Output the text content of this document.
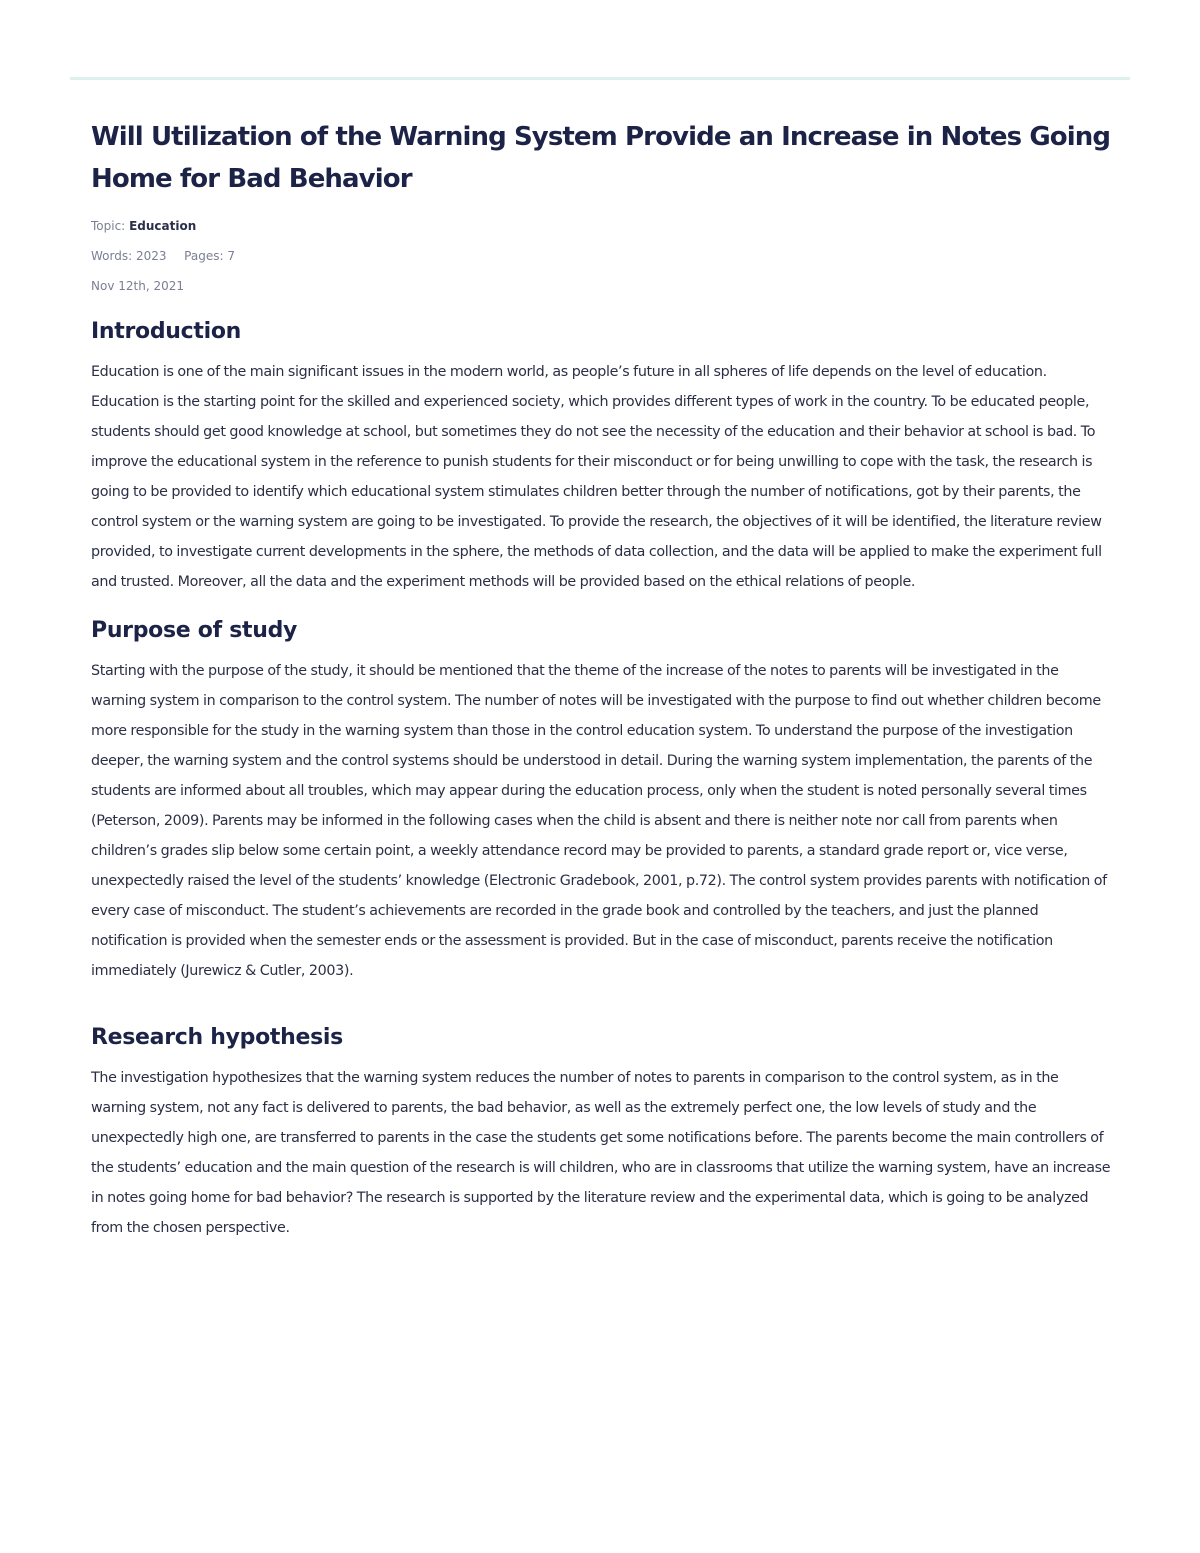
Will Utilization of the Warning System Provide an Increase in Notes Going Home for Bad Behavior
Topic: Education
Words: 2023 Pages: 7
Nov 12th, 2021
Introduction

Education is one of the main significant issues in the modern world, as people’s future in all spheres of life depends on the level of education. Education is the starting point for the skilled and experienced society, which provides different types of work in the country. To be educated people, students should get good knowledge at school, but sometimes they do not see the necessity of the education and their behavior at school is bad. To improve the educational system in the reference to punish students for their misconduct or for being unwilling to cope with the task, the research is going to be provided to identify which educational system stimulates children better through the number of notifications, got by their parents, the control system or the warning system are going to be investigated. To provide the research, the objectives of it will be identified, the literature review provided, to investigate current developments in the sphere, the methods of data collection, and the data will be applied to make the experiment full and trusted. Moreover, all the data and the experiment methods will be provided based on the ethical relations of people.

Purpose of study

Starting with the purpose of the study, it should be mentioned that the theme of the increase of the notes to parents will be investigated in the warning system in comparison to the control system. The number of notes will be investigated with the purpose to find out whether children become more responsible for the study in the warning system than those in the control education system. To understand the purpose of the investigation deeper, the warning system and the control systems should be understood in detail. During the warning system implementation, the parents of the students are informed about all troubles, which may appear during the education process, only when the student is noted personally several times (Peterson, 2009). Parents may be informed in the following cases when the child is absent and there is neither note nor call from parents when children’s grades slip below some certain point, a weekly attendance record may be provided to parents, a standard grade report or, vice verse, unexpectedly raised the level of the students’ knowledge (Electronic Gradebook, 2001, p.72). The control system provides parents with notification of every case of misconduct. The student’s achievements are recorded in the grade book and controlled by the teachers, and just the planned notification is provided when the semester ends or the assessment is provided. But in the case of misconduct, parents receive the notification immediately (Jurewicz & Cutler, 2003).

Research hypothesis

The investigation hypothesizes that the warning system reduces the number of notes to parents in comparison to the control system, as in the warning system, not any fact is delivered to parents, the bad behavior, as well as the extremely perfect one, the low levels of study and the unexpectedly high one, are transferred to parents in the case the students get some notifications before. The parents become the main controllers of the students’ education and the main question of the research is will children, who are in classrooms that utilize the warning system, have an increase in notes going home for bad behavior? The research is supported by the literature review and the experimental data, which is going to be analyzed from the chosen perspective.
